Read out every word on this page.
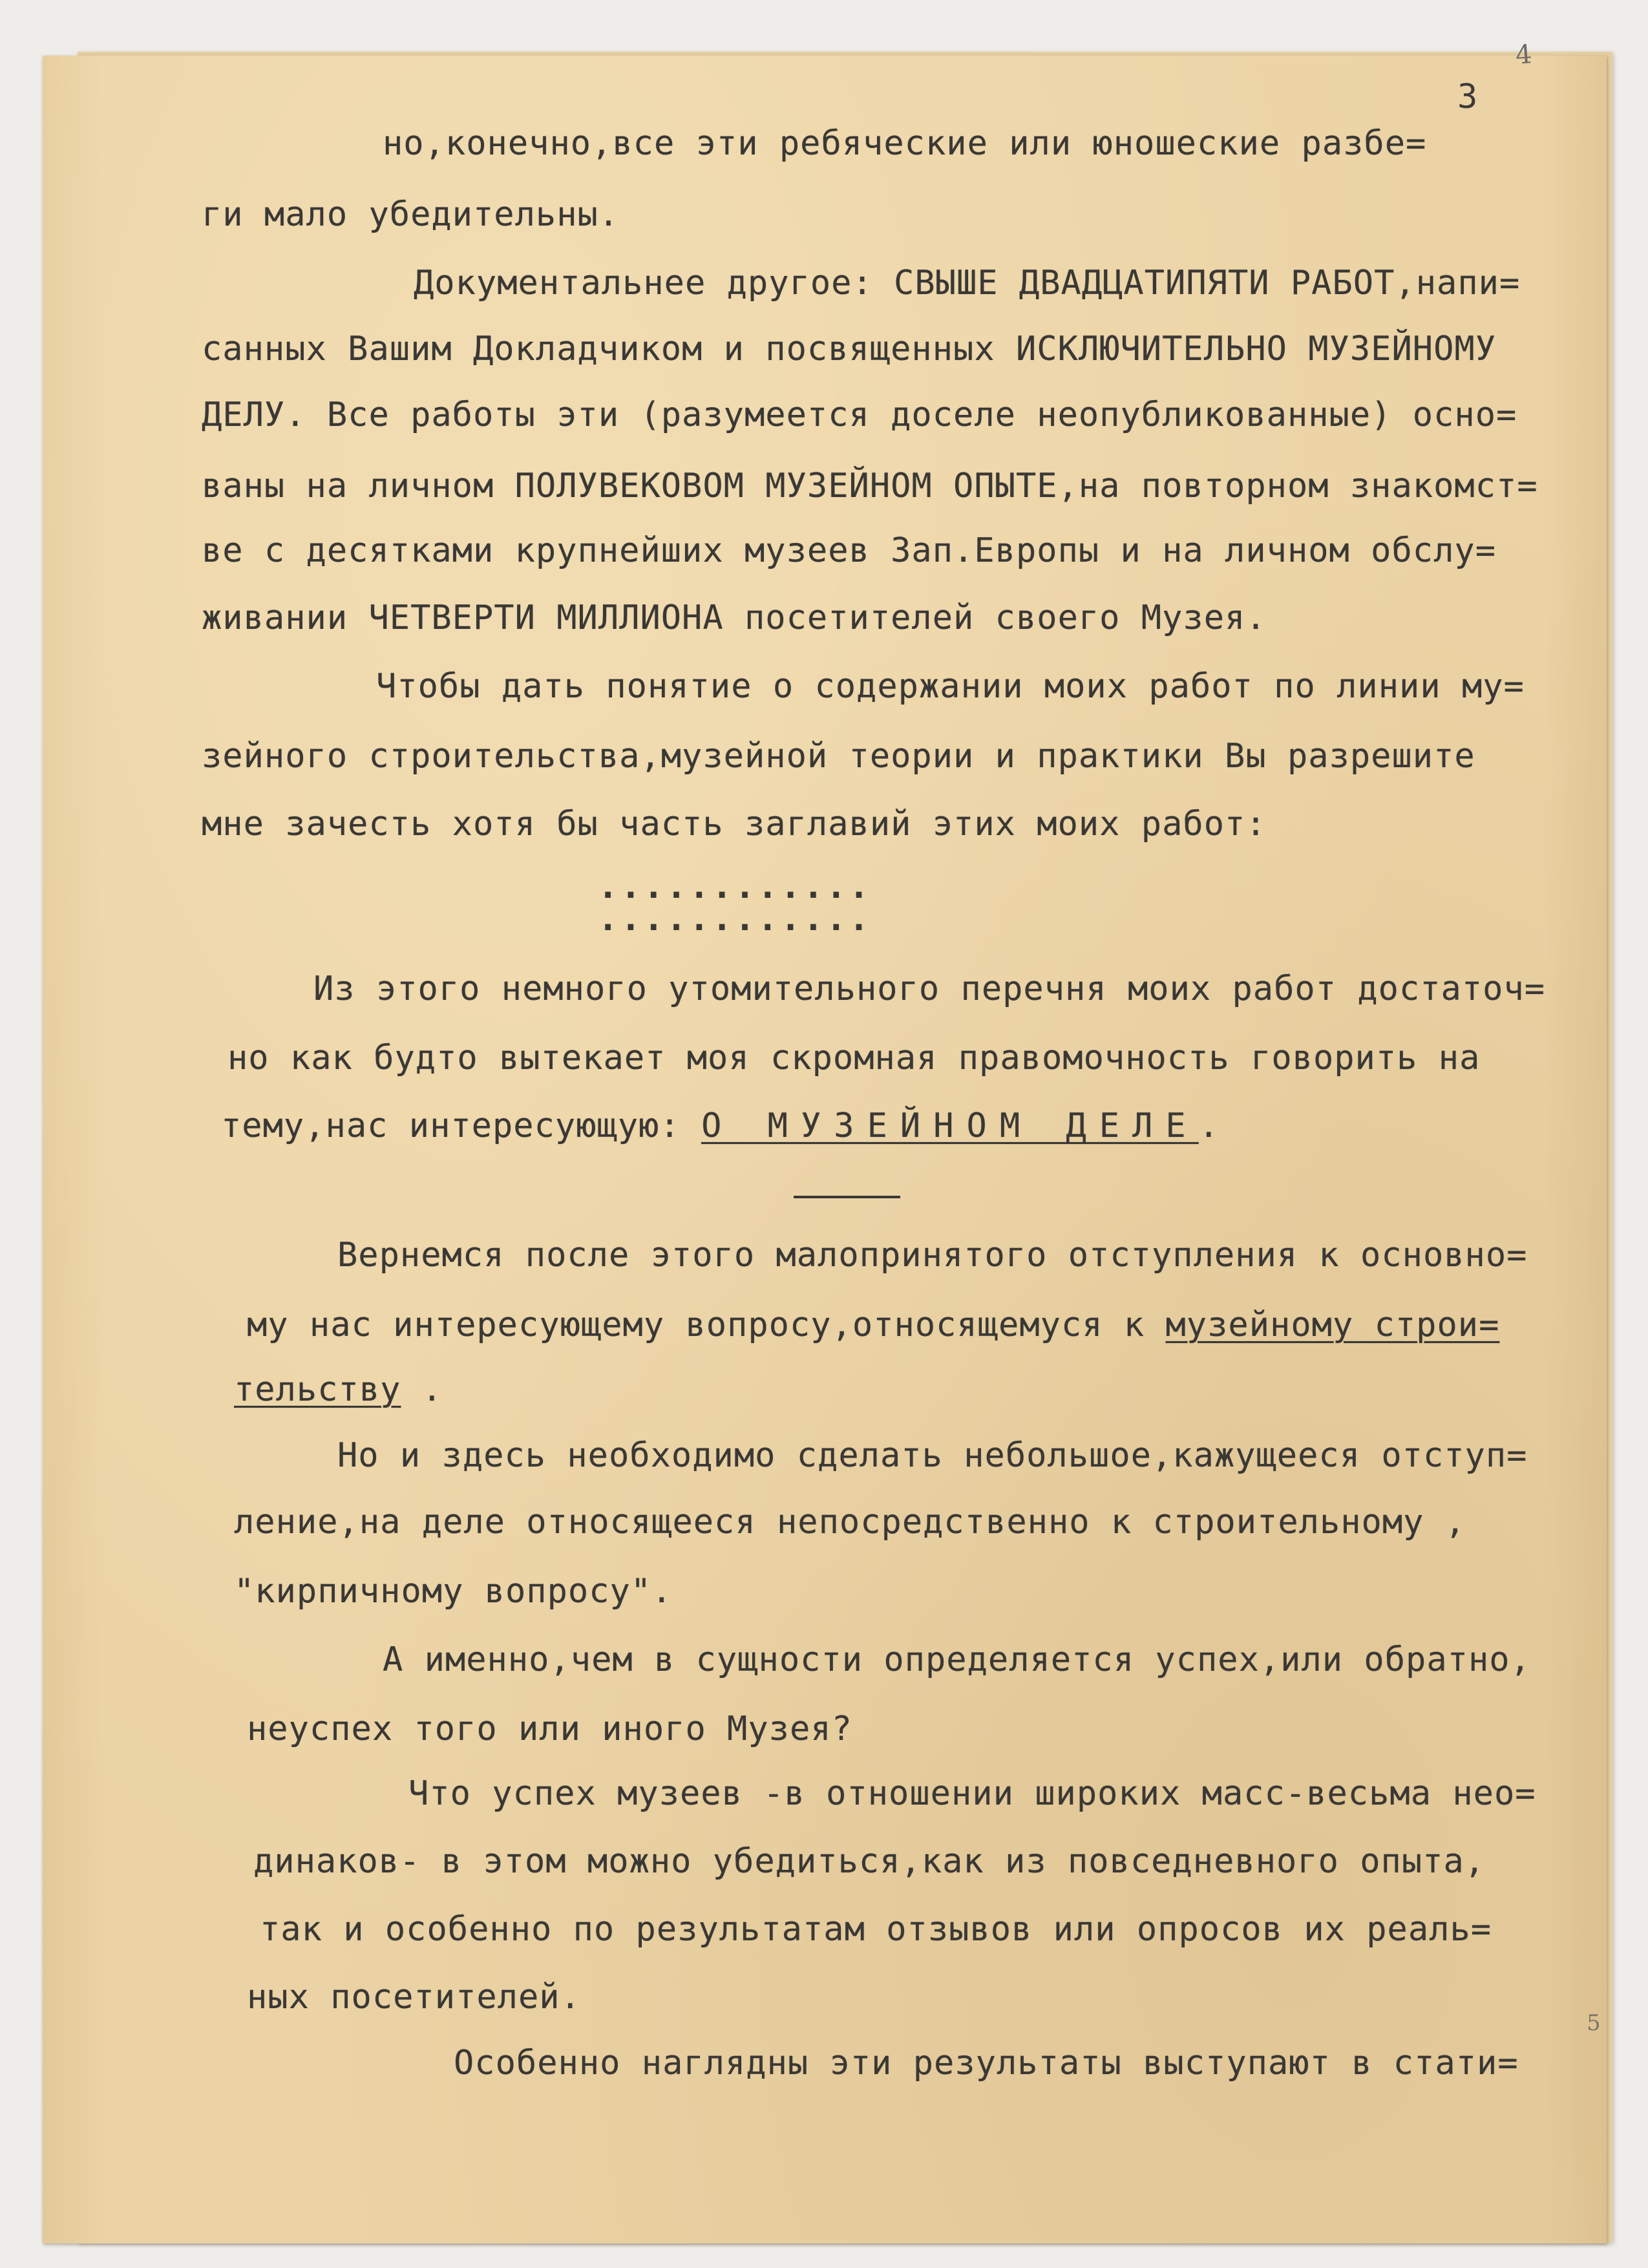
4
3
но,конечно,все эти ребяческие или юношеские разбе=
ги мало убедительны.
Документальнее другое: СВЫШЕ ДВАДЦАТИПЯТИ РАБОТ,напи=
санных Вашим Докладчиком и посвященных ИСКЛЮЧИТЕЛЬНО МУЗЕЙНОМУ
ДЕЛУ. Все работы эти (разумеется доселе неопубликованные) осно=
ваны на личном ПОЛУВЕКОВОМ МУЗЕЙНОМ ОПЫТЕ,на повторном знакомст=
ве с десятками крупнейших музеев Зап.Европы и на личном обслу=
живании ЧЕТВЕРТИ МИЛЛИОНА посетителей своего Музея.
Чтобы дать понятие о содержании моих работ по линии му=
зейного строительства,музейной теории и практики Вы разрешите
мне зачесть хотя бы часть заглавий этих моих работ:
............
............
Из этого немного утомительного перечня моих работ достаточ=
но как будто вытекает моя скромная правомочность говорить на
тему,нас интересующую: О МУЗЕЙНОМ ДЕЛЕ.
Вернемся после этого малопринятого отступления к основно=
му нас интересующему вопросу,относящемуся к музейному строи=
тельству .
Но и здесь необходимо сделать небольшое,кажущееся отступ=
ление,на деле относящееся непосредственно к строительному ,
"кирпичному вопросу".
А именно,чем в сущности определяется успех,или обратно,
неуспех того или иного Музея?
Что успех музеев -в отношении широких масс-весьма нео=
динаков- в этом можно убедиться,как из повседневного опыта,
так и особенно по результатам отзывов или опросов их реаль=
ных посетителей.
Особенно наглядны эти результаты выступают в стати=
5
